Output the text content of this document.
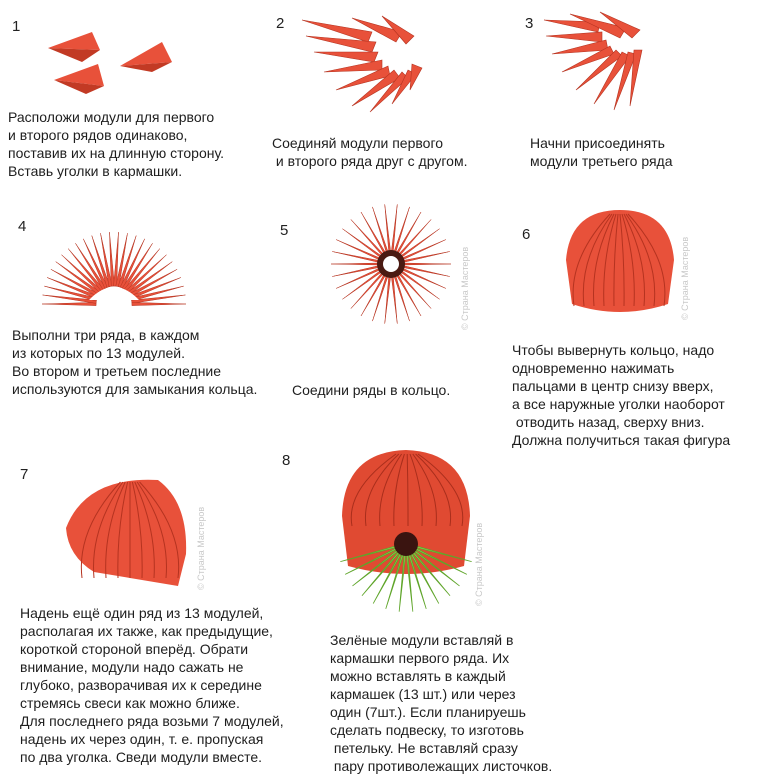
1
Расположи модули для первого
и второго рядов одинаково,
поставив их на длинную сторону.
Вставь уголки в кармашки.
2
Соединяй модули первого
и второго ряда друг с другом.
3
Начни присоединять
модули третьего ряда
4
Выполни три ряда, в каждом
из которых по 13 модулей.
Во втором и третьем последние
используются для замыкания кольца.
5
© Страна Мастеров
Соедини ряды в кольцо.
6
© Страна Мастеров
Чтобы вывернуть кольцо, надо
одновременно нажимать
пальцами в центр снизу вверх,
а все наружные уголки наоборот
отводить назад, сверху вниз.
Должна получиться такая фигура
7
© Страна Мастеров
Надень ещё один ряд из 13 модулей,
располагая их также, как предыдущие,
короткой стороной вперёд. Обрати
внимание, модули надо сажать не
глубоко, разворачивая их к середине
стремясь свеси как можно ближе.
Для последнего ряда возьми 7 модулей,
надень их через один, т. е. пропуская
по два уголка. Сведи модули вместе.
8
© Страна Мастеров
Зелёные модули вставляй в
кармашки первого ряда. Их
можно вставлять в каждый
кармашек (13 шт.) или через
один (7шт.). Если планируешь
сделать подвеску, то изготовь
петельку. Не вставляй сразу
пару противолежащих листочков.
